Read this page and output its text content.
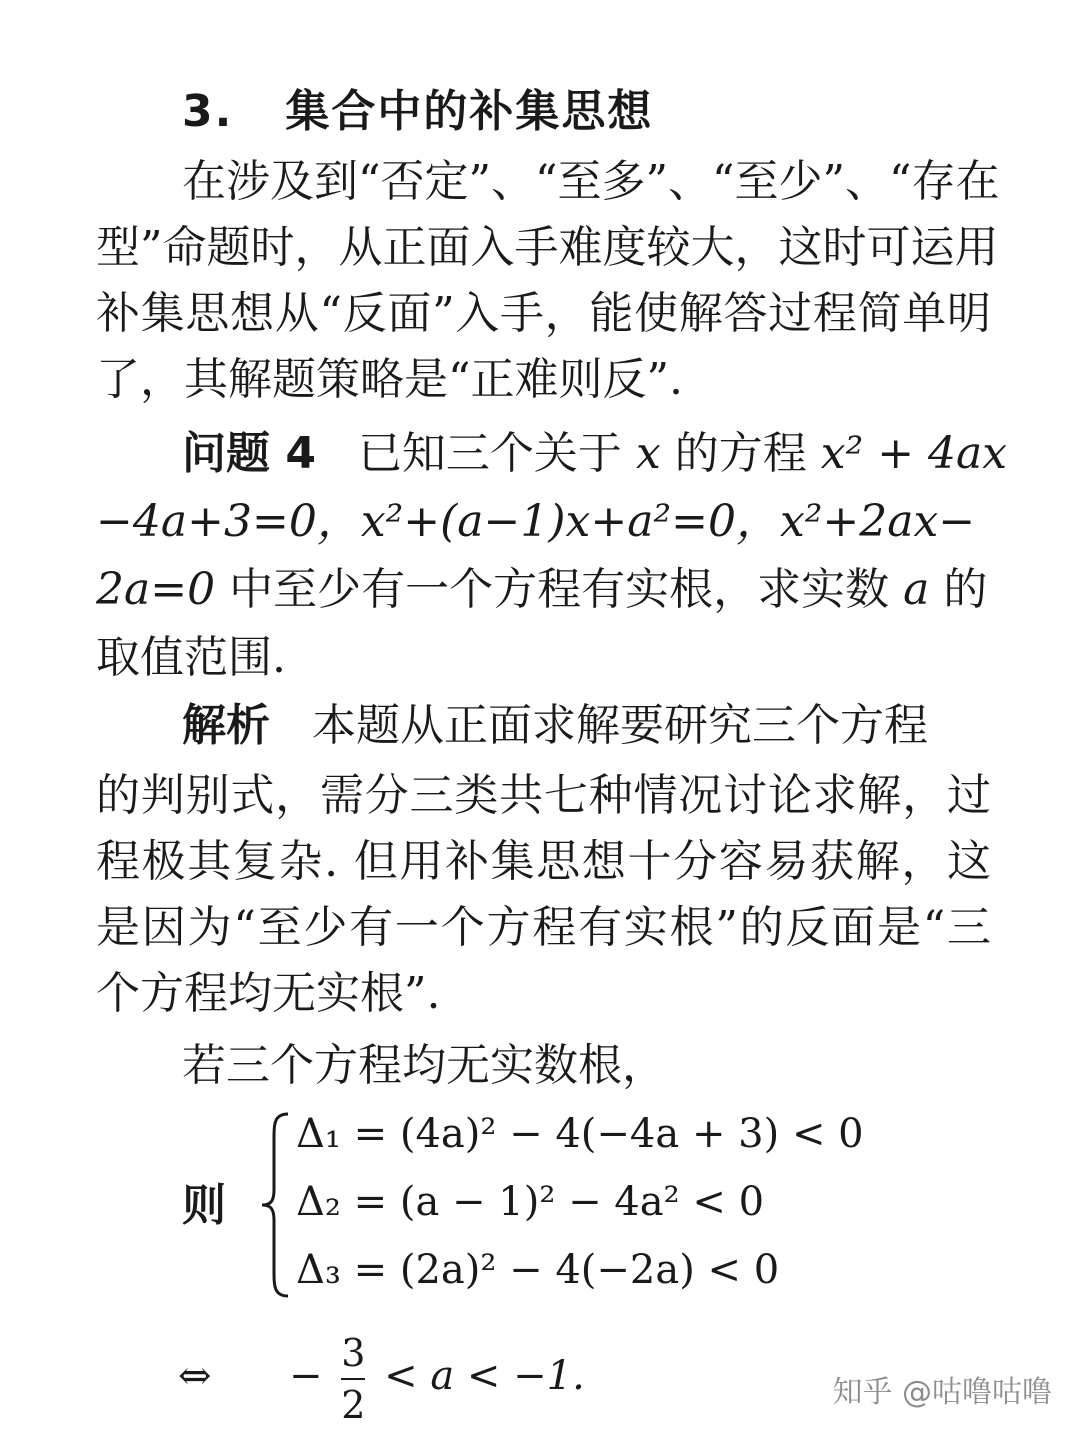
3. 集合中的补集思想
在涉及到“否定”、“至多”、“至少”、“存在
型”命题时，从正面入手难度较大，这时可运用
补集思想从“反面”入手，能使解答过程简单明
了，其解题策略是“正难则反”.
问题 4 已知三个关于 x 的方程 x² + 4ax
−4a+3=0，x²+(a−1)x+a²=0，x²+2ax−
2a=0 中至少有一个方程有实根，求实数 a 的
取值范围.
解析 本题从正面求解要研究三个方程
的判别式，需分三类共七种情况讨论求解，过
程极其复杂. 但用补集思想十分容易获解，这
是因为“至少有一个方程有实根”的反面是“三
个方程均无实根”.
若三个方程均无实数根，
则
Δ₁ = (4a)² − 4(−4a + 3) < 0
Δ₂ = (a − 1)² − 4a² < 0
Δ₃ = (2a)² − 4(−2a) < 0
⇔ − $\frac{3}{2} < a < -1$.	知乎 @咕噜咕噜
